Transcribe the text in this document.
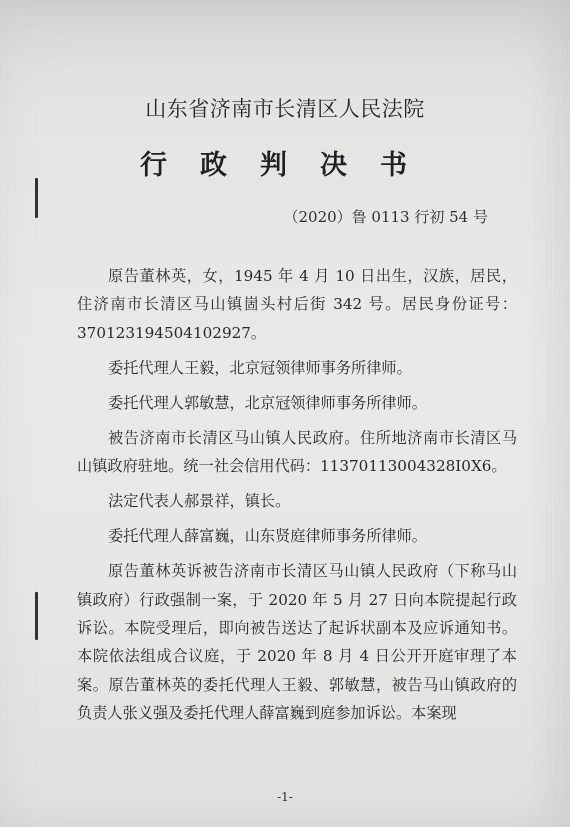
山东省济南市长清区人民法院
行政判决书
（2020）鲁 0113 行初 54 号

原告董林英，女，1945 年 4 月 10 日出生，汉族，居民，住济南市长清区马山镇崮头村后街 342 号。居民身份证号：370123194504102927。

委托代理人王毅，北京冠领律师事务所律师。

委托代理人郭敏慧，北京冠领律师事务所律师。

被告济南市长清区马山镇人民政府。住所地济南市长清区马山镇政府驻地。统一社会信用代码：11370113004328I0X6。

法定代表人郝景祥，镇长。

委托代理人薛富巍，山东贤庭律师事务所律师。

原告董林英诉被告济南市长清区马山镇人民政府（下称马山镇政府）行政强制一案，于 2020 年 5 月 27 日向本院提起行政诉讼。本院受理后，即向被告送达了起诉状副本及应诉通知书。本院依法组成合议庭，于 2020 年 8 月 4 日公开开庭审理了本案。原告董林英的委托代理人王毅、郭敏慧，被告马山镇政府的负责人张义强及委托代理人薛富巍到庭参加诉讼。本案现

-1-
